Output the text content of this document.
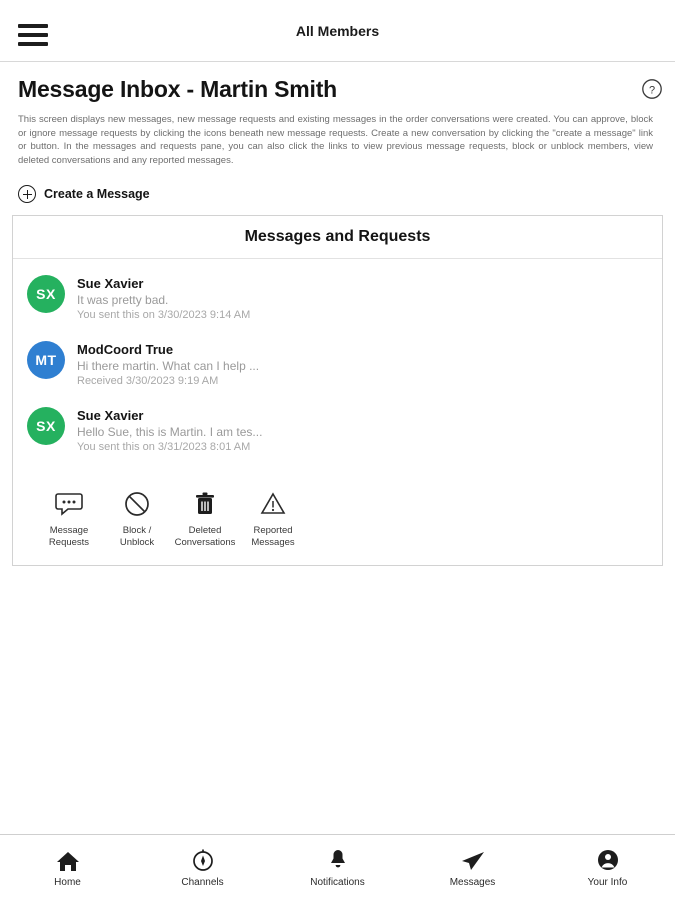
All Members
Message Inbox - Martin Smith	?
This screen displays new messages, new message requests and existing messages in the order conversations were created. You can approve, block or ignore message requests by clicking the icons beneath new message requests. Create a new conversation by clicking the "create a message" link or button. In the messages and requests pane, you can also click the links to view previous message requests, block or unblock members, view deleted conversations and any reported messages.
Create a Message
Messages and Requests
SX
Sue Xavier
It was pretty bad.
You sent this on 3/30/2023 9:14 AM
MT
ModCoord True
Hi there martin. What can I help ...
Received 3/30/2023 9:19 AM
SX
Sue Xavier
Hello Sue, this is Martin. I am tes...
You sent this on 3/31/2023 8:01 AM
Message
Requests
Block /
Unblock
Deleted
Conversations
Reported
Messages
Home	Channels	Notifications	Messages	Your Info
